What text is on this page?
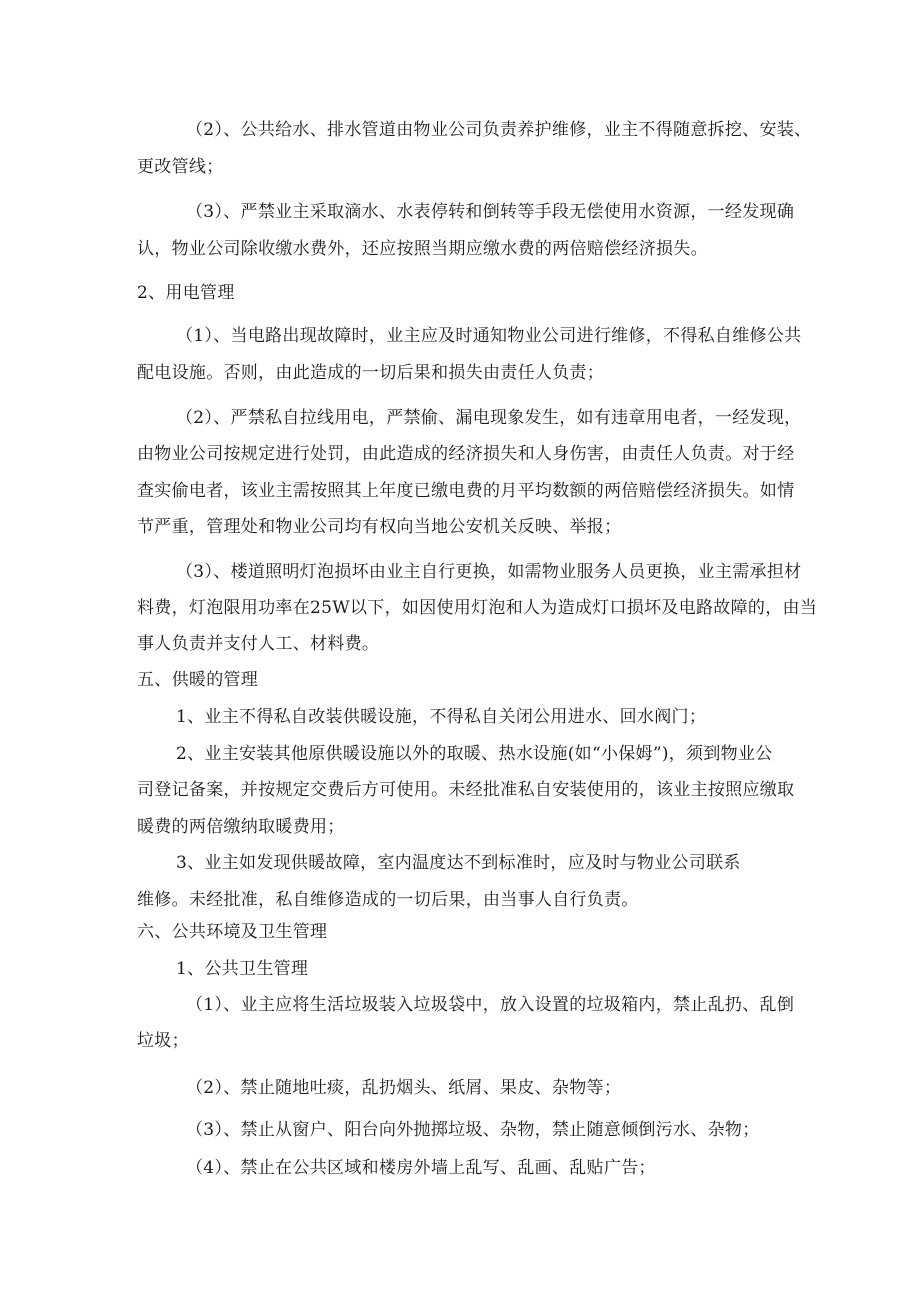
（2）、公共给水、排水管道由物业公司负责养护维修，业主不得随意拆挖、安装、

更改管线；

（3）、严禁业主采取滴水、水表停转和倒转等手段无偿使用水资源，一经发现确

认，物业公司除收缴水费外，还应按照当期应缴水费的两倍赔偿经济损失。

2、用电管理

（1）、当电路出现故障时，业主应及时通知物业公司进行维修，不得私自维修公共

配电设施。否则，由此造成的一切后果和损失由责任人负责；

（2）、严禁私自拉线用电，严禁偷、漏电现象发生，如有违章用电者，一经发现，

由物业公司按规定进行处罚，由此造成的经济损失和人身伤害，由责任人负责。对于经

查实偷电者，该业主需按照其上年度已缴电费的月平均数额的两倍赔偿经济损失。如情

节严重，管理处和物业公司均有权向当地公安机关反映、举报；

（3）、楼道照明灯泡损坏由业主自行更换，如需物业服务人员更换，业主需承担材

料费，灯泡限用功率在25W以下，如因使用灯泡和人为造成灯口损坏及电路故障的，由当

事人负责并支付人工、材料费。

五、供暖的管理

1、业主不得私自改装供暖设施，不得私自关闭公用进水、回水阀门；

2、业主安装其他原供暖设施以外的取暖、热水设施(如“小保姆”)，须到物业公

司登记备案，并按规定交费后方可使用。未经批准私自安装使用的，该业主按照应缴取

暖费的两倍缴纳取暖费用；

3、业主如发现供暖故障，室内温度达不到标准时，应及时与物业公司联系

维修。未经批准，私自维修造成的一切后果，由当事人自行负责。

六、公共环境及卫生管理

1、公共卫生管理

（1）、业主应将生活垃圾装入垃圾袋中，放入设置的垃圾箱内，禁止乱扔、乱倒

垃圾；

（2）、禁止随地吐痰，乱扔烟头、纸屑、果皮、杂物等；

（3）、禁止从窗户、阳台向外抛掷垃圾、杂物，禁止随意倾倒污水、杂物；

（4）、禁止在公共区域和楼房外墙上乱写、乱画、乱贴广告；
